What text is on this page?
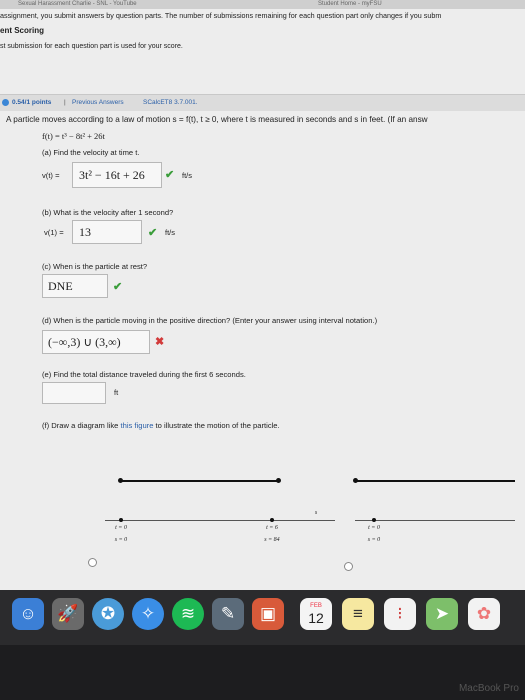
Sexual Harassment Charlie - SNL - YouTube	Student Home - myFSU
assignment, you submit answers by question parts. The number of submissions remaining for each question part only changes if you subm
ent Scoring
st submission for each question part is used for your score.
0.54/1 points | Previous Answers	SCalcET8 3.7.001.
A particle moves according to a law of motion s = f(t), t ≥ 0, where t is measured in seconds and s in feet. (If an answ
f(t) = t³ − 8t² + 26t
(a) Find the velocity at time t.
v(t) = 3t² − 16t + 26 ✔ ft/s
(b) What is the velocity after 1 second?
v(1) = 13	✔ ft/s
(c) When is the particle at rest?
DNE	✔
(d) When is the particle moving in the positive direction? (Enter your answer using interval notation.)
(−∞,3) ∪ (3,∞)	✖
(e) Find the total distance traveled during the first 6 seconds.
ft
(f) Draw a diagram like this figure to illustrate the motion of the particle.
s
t = 0
s = 0
t = 6
s = 84
t = 0
s = 0
☺	🚀	✪	✧	≋	✎	▣	FEB
12	≡	⁝	➤	✿
MacBook Pro
